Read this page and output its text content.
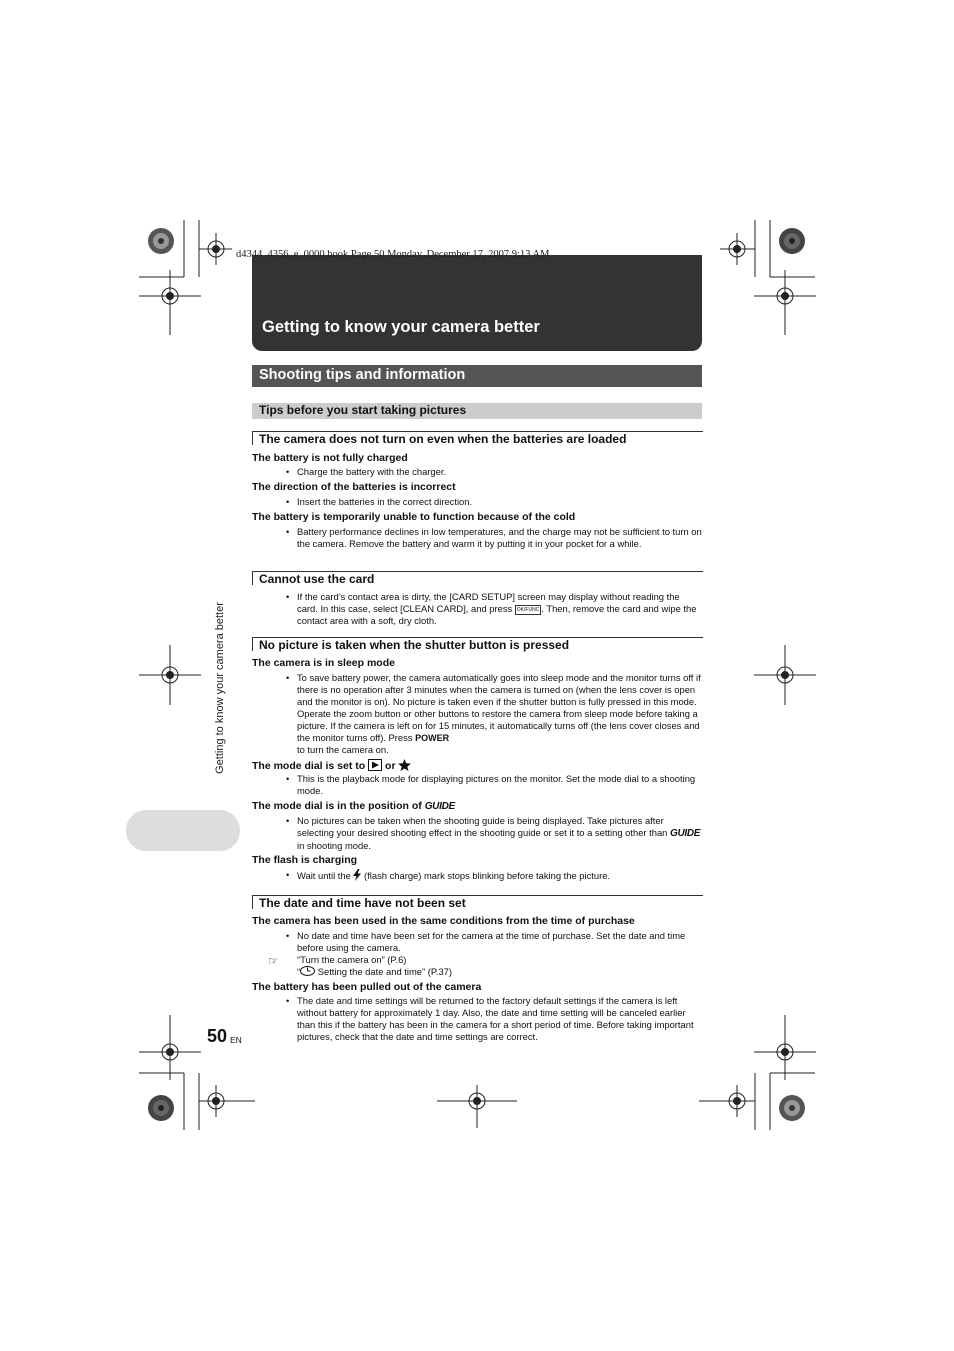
d4344_4356_e_0000.book Page 50 Monday, December 17, 2007 9:13 AM
Getting to know your camera better
Shooting tips and information
Tips before you start taking pictures
The camera does not turn on even when the batteries are loaded
The battery is not fully charged
• Charge the battery with the charger.
The direction of the batteries is incorrect
• Insert the batteries in the correct direction.
The battery is temporarily unable to function because of the cold
• Battery performance declines in low temperatures, and the charge may not be sufficient to turn on the camera. Remove the battery and warm it by putting it in your pocket for a while.
Cannot use the card
• If the card’s contact area is dirty, the [CARD SETUP] screen may display without reading the card. In this case, select [CLEAN CARD], and press OK/FUNC . Then, remove the card and wipe the contact area with a soft, dry cloth.
No picture is taken when the shutter button is pressed
The camera is in sleep mode
• To save battery power, the camera automatically goes into sleep mode and the monitor turns off if there is no operation after 3 minutes when the camera is turned on (when the lens cover is open and the monitor is on). No picture is taken even if the shutter button is fully pressed in this mode. Operate the zoom button or other buttons to restore the camera from sleep mode before taking a picture. If the camera is left on for 15 minutes, it automatically turns off (the lens cover closes and the monitor turns off). Press POWER
to turn the camera on.
The mode dial is set to or
• This is the playback mode for displaying pictures on the monitor. Set the mode dial to a shooting mode.
The mode dial is in the position of GUIDE
• No pictures can be taken when the shooting guide is being displayed. Take pictures after selecting your desired shooting effect in the shooting guide or set it to a setting other than GUIDE in shooting mode.
The flash is charging
• Wait until the  (flash charge) mark stops blinking before taking the picture.
The date and time have not been set
The camera has been used in the same conditions from the time of purchase
• No date and time have been set for the camera at the time of purchase. Set the date and time before using the camera.
☞ “Turn the camera on” (P.6)
“ Setting the date and time” (P.37)
The battery has been pulled out of the camera
• The date and time settings will be returned to the factory default settings if the camera is left without battery for approximately 1 day. Also, the date and time setting will be canceled earlier than this if the battery has been in the camera for a short period of time. Before taking important pictures, check that the date and time settings are correct.
Getting to know your camera better
50 EN
